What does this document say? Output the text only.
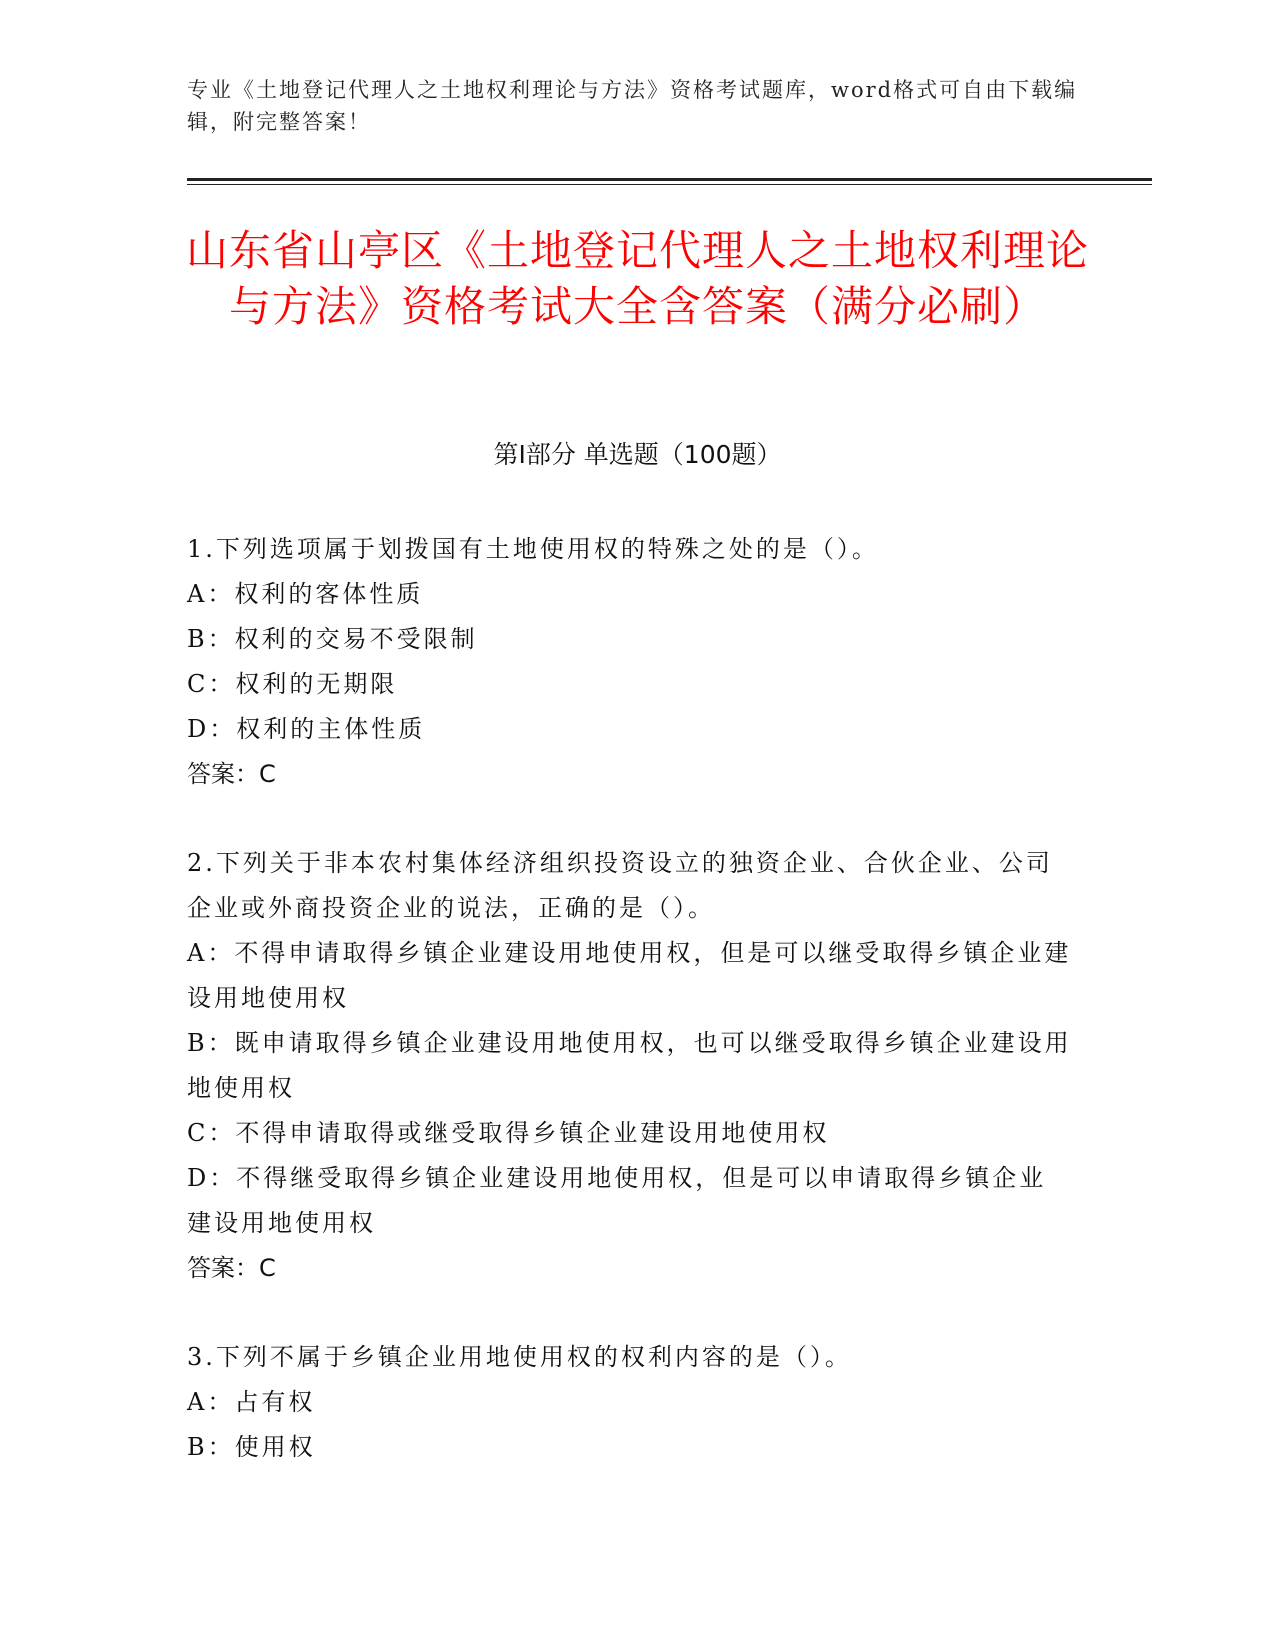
专业《土地登记代理人之土地权利理论与方法》资格考试题库，word格式可自由下载编辑，附完整答案！
山东省山亭区《土地登记代理人之土地权利理论与方法》资格考试大全含答案（满分必刷）
第Ⅰ部分 单选题（100题）

1.下列选项属于划拨国有土地使用权的特殊之处的是（）。

A：权利的客体性质

B：权利的交易不受限制

C：权利的无期限

D：权利的主体性质

答案：C

2.下列关于非本农村集体经济组织投资设立的独资企业、合伙企业、公司企业或外商投资企业的说法，正确的是（）。

A：不得申请取得乡镇企业建设用地使用权，但是可以继受取得乡镇企业建设用地使用权

B：既申请取得乡镇企业建设用地使用权，也可以继受取得乡镇企业建设用地使用权

C：不得申请取得或继受取得乡镇企业建设用地使用权

D：不得继受取得乡镇企业建设用地使用权，但是可以申请取得乡镇企业建设用地使用权

答案：C

3.下列不属于乡镇企业用地使用权的权利内容的是（）。

A：占有权

B：使用权
